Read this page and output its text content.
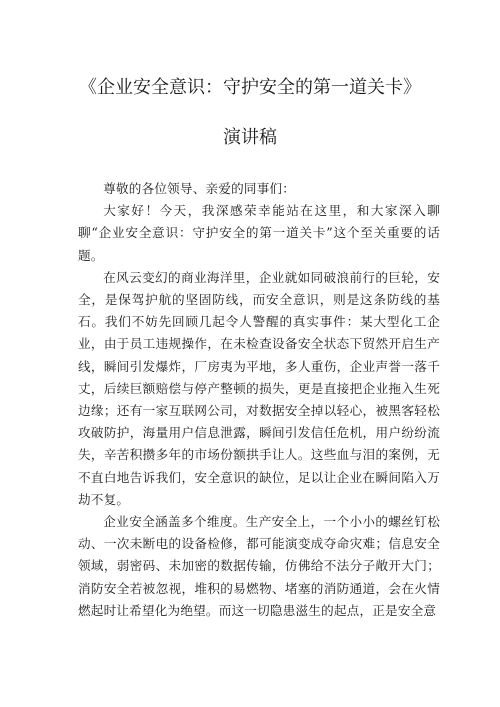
《企业安全意识：守护安全的第一道关卡》
演讲稿

尊敬的各位领导、亲爱的同事们：

大家好！今天，我深感荣幸能站在这里，和大家深入聊聊“企业安全意识：守护安全的第一道关卡”这个至关重要的话题。

在风云变幻的商业海洋里，企业就如同破浪前行的巨轮，安全，是保驾护航的坚固防线，而安全意识，则是这条防线的基石。我们不妨先回顾几起令人警醒的真实事件：某大型化工企业，由于员工违规操作，在未检查设备安全状态下贸然开启生产线，瞬间引发爆炸，厂房夷为平地，多人重伤，企业声誉一落千丈，后续巨额赔偿与停产整顿的损失，更是直接把企业拖入生死边缘；还有一家互联网公司，对数据安全掉以轻心，被黑客轻松攻破防护，海量用户信息泄露，瞬间引发信任危机，用户纷纷流失，辛苦积攒多年的市场份额拱手让人。这些血与泪的案例，无不直白地告诉我们，安全意识的缺位，足以让企业在瞬间陷入万劫不复。

企业安全涵盖多个维度。生产安全上，一个小小的螺丝钉松动、一次未断电的设备检修，都可能演变成夺命灾难；信息安全领域，弱密码、未加密的数据传输，仿佛给不法分子敞开大门；消防安全若被忽视，堆积的易燃物、堵塞的消防通道，会在火情燃起时让希望化为绝望。而这一切隐患滋生的起点，正是安全意
